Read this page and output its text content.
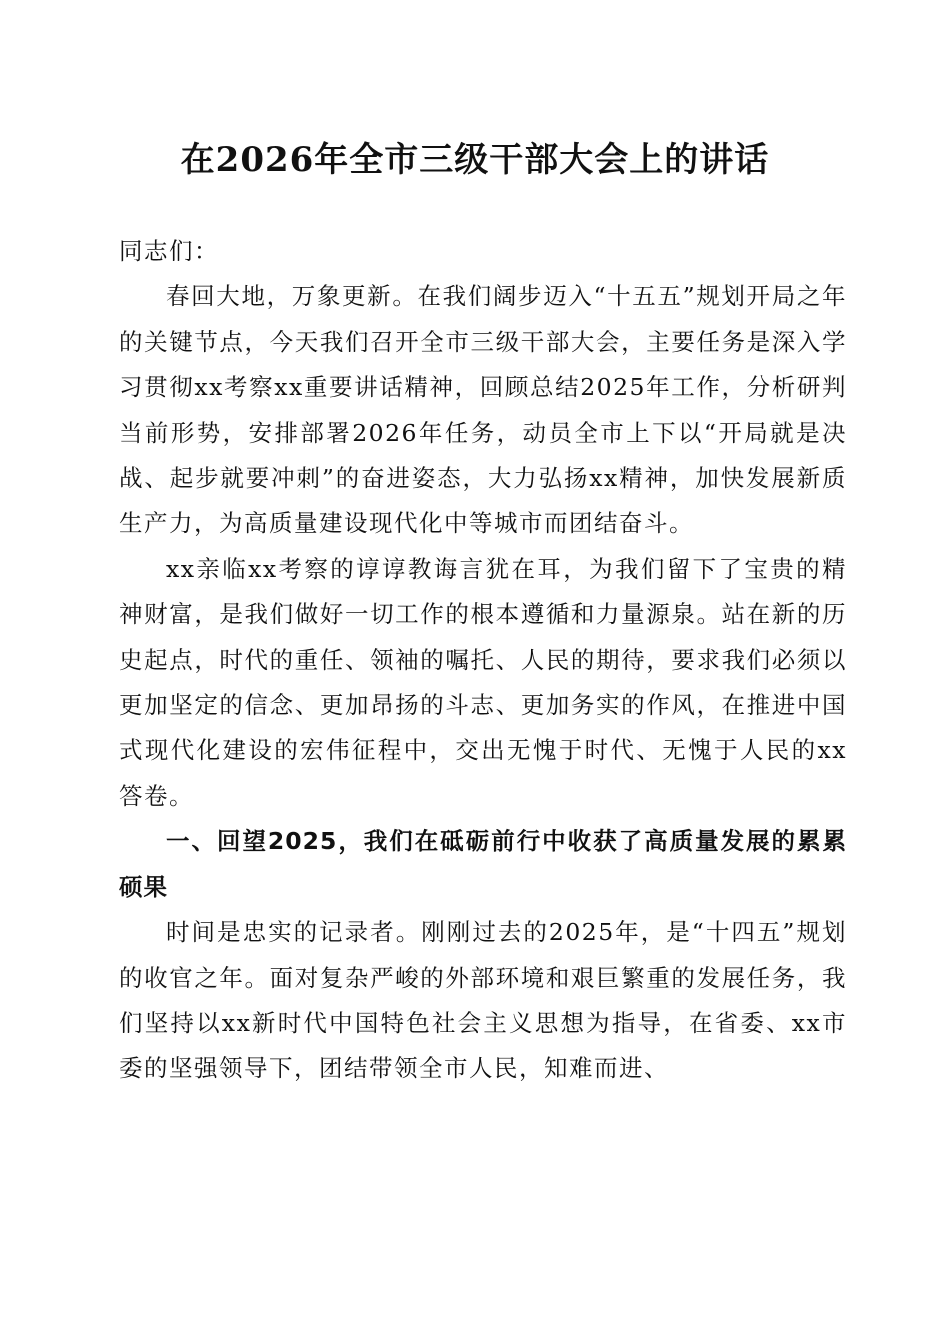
在2026年全市三级干部大会上的讲话

同志们：

春回大地，万象更新。在我们阔步迈入“十五五”规划开局之年的关键节点，今天我们召开全市三级干部大会，主要任务是深入学习贯彻xx考察xx重要讲话精神，回顾总结2025年工作，分析研判当前形势，安排部署2026年任务，动员全市上下以“开局就是决战、起步就要冲刺”的奋进姿态，大力弘扬xx精神，加快发展新质生产力，为高质量建设现代化中等城市而团结奋斗。

xx亲临xx考察的谆谆教诲言犹在耳，为我们留下了宝贵的精神财富，是我们做好一切工作的根本遵循和力量源泉。站在新的历史起点，时代的重任、领袖的嘱托、人民的期待，要求我们必须以更加坚定的信念、更加昂扬的斗志、更加务实的作风，在推进中国式现代化建设的宏伟征程中，交出无愧于时代、无愧于人民的xx答卷。

一、回望2025，我们在砥砺前行中收获了高质量发展的累累硕果

时间是忠实的记录者。刚刚过去的2025年，是“十四五”规划的收官之年。面对复杂严峻的外部环境和艰巨繁重的发展任务，我们坚持以xx新时代中国特色社会主义思想为指导，在省委、xx市委的坚强领导下，团结带领全市人民，知难而进、
